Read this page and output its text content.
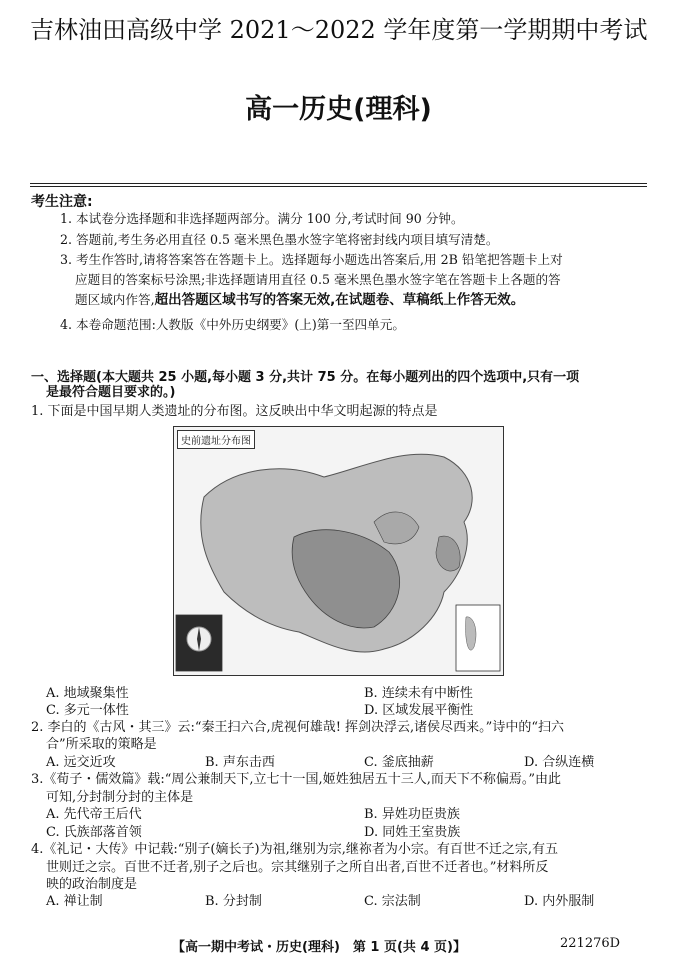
吉林油田高级中学 2021～2022 学年度第一学期期中考试
高一历史(理科)
考生注意:
1. 本试卷分选择题和非选择题两部分。满分 100 分,考试时间 90 分钟。
2. 答题前,考生务必用直径 0.5 毫米黑色墨水签字笔将密封线内项目填写清楚。
3. 考生作答时,请将答案答在答题卡上。选择题每小题选出答案后,用 2B 铅笔把答题卡上对
应题目的答案标号涂黑;非选择题请用直径 0.5 毫米黑色墨水签字笔在答题卡上各题的答
题区域内作答,超出答题区域书写的答案无效,在试题卷、草稿纸上作答无效。
4. 本卷命题范围:人教版《中外历史纲要》(上)第一至四单元。
一、选择题(本大题共 25 小题,每小题 3 分,共计 75 分。在每小题列出的四个选项中,只有一项
是最符合题目要求的。)
1. 下面是中国早期人类遗址的分布图。这反映出中华文明起源的特点是
史前遗址分布图
A. 地域聚集性	B. 连续未有中断性
C. 多元一体性	D. 区域发展平衡性
2. 李白的《古风・其三》云:“秦王扫六合,虎视何雄哉! 挥剑决浮云,诸侯尽西来。”诗中的“扫六
合”所采取的策略是
A. 远交近攻	B. 声东击西	C. 釜底抽薪	D. 合纵连横
3.《荀子・儒效篇》载:“周公兼制天下,立七十一国,姬姓独居五十三人,而天下不称偏焉。”由此
可知,分封制分封的主体是
A. 先代帝王后代	B. 异姓功臣贵族
C. 氏族部落首领	D. 同姓王室贵族
4.《礼记・大传》中记载:“别子(嫡长子)为祖,继别为宗,继祢者为小宗。有百世不迁之宗,有五
世则迁之宗。百世不迁者,别子之后也。宗其继别子之所自出者,百世不迁者也。”材料所反
映的政治制度是
A. 禅让制	B. 分封制	C. 宗法制	D. 内外服制
【高一期中考试・历史(理科)　第 1 页(共 4 页)】	221276D
